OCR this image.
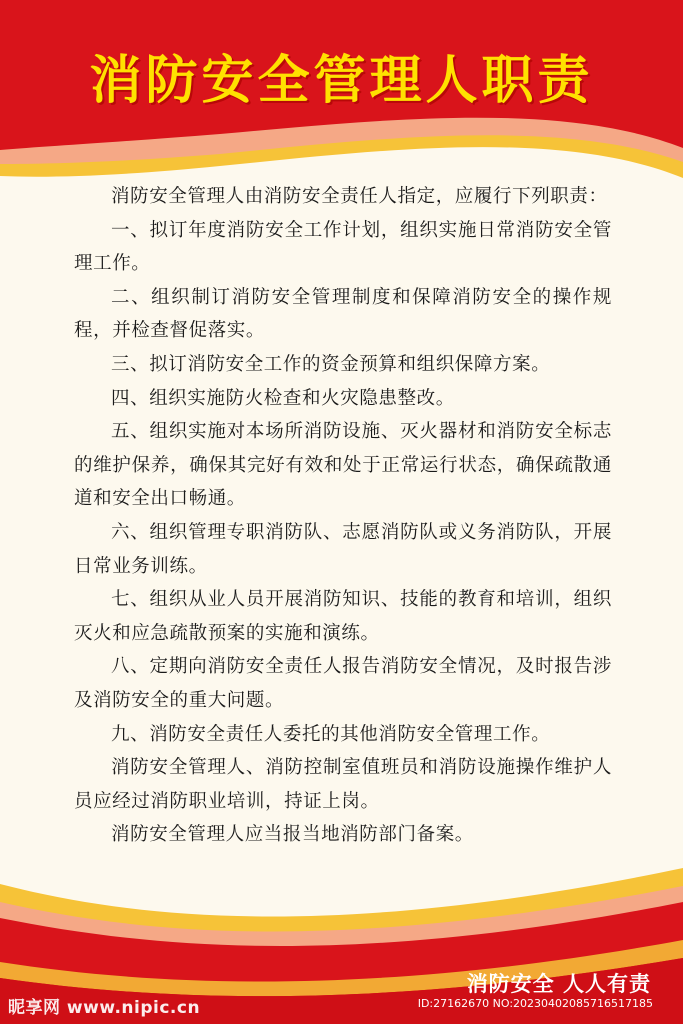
消防安全管理人职责

消防安全管理人由消防安全责任人指定，应履行下列职责：

一、拟订年度消防安全工作计划，组织实施日常消防安全管理工作。

二、组织制订消防安全管理制度和保障消防安全的操作规程，并检查督促落实。

三、拟订消防安全工作的资金预算和组织保障方案。

四、组织实施防火检查和火灾隐患整改。

五、组织实施对本场所消防设施、灭火器材和消防安全标志的维护保养，确保其完好有效和处于正常运行状态，确保疏散通道和安全出口畅通。

六、组织管理专职消防队、志愿消防队或义务消防队，开展日常业务训练。

七、组织从业人员开展消防知识、技能的教育和培训，组织灭火和应急疏散预案的实施和演练。

八、定期向消防安全责任人报告消防安全情况，及时报告涉及消防安全的重大问题。

九、消防安全责任人委托的其他消防安全管理工作。

消防安全管理人、消防控制室值班员和消防设施操作维护人员应经过消防职业培训，持证上岗。

消防安全管理人应当报当地消防部门备案。

消防安全 人人有责
ID:27162670 NO:20230402085716517185
昵享网 www.nipic.cn
